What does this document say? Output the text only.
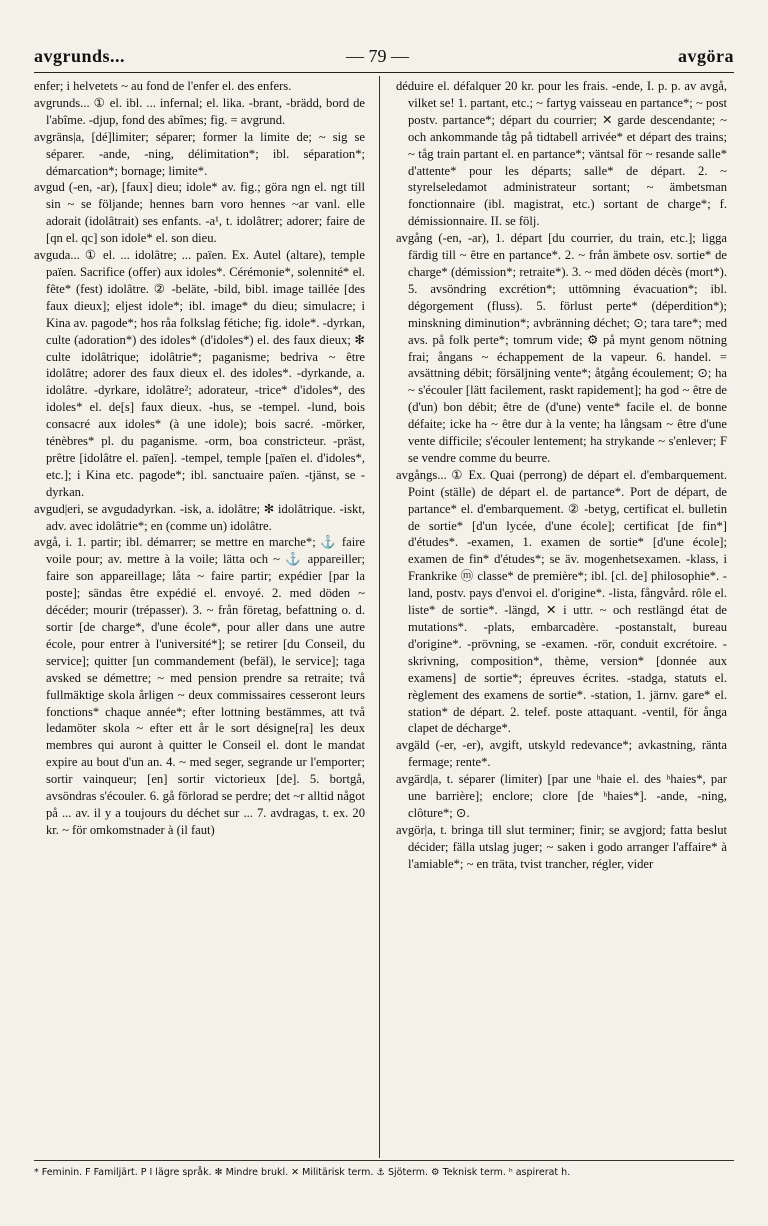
avgrunds...	— 79 —	avgöra

enfer; i helvetets ~ au fond de l'enfer el. des enfers.

avgrunds... ① el. ibl. ... infernal; el. lika. -brant, -brädd, bord de l'abîme. -djup, fond des abîmes; fig. = avgrund.

avgräns|a, [dé]limiter; séparer; former la limite de; ~ sig se séparer. -ande, -ning, délimitation*; ibl. séparation*; démarcation*; bornage; limite*.

avgud (-en, -ar), [faux] dieu; idole* av. fig.; göra ngn el. ngt till sin ~ se följande; hennes barn voro hennes ~ar vanl. elle adorait (idolâtrait) ses enfants. -a¹, t. idolâtrer; adorer; faire de [qn el. qc] son idole* el. son dieu.

avguda... ① el. ... idolâtre; ... païen. Ex. Autel (altare), temple païen. Sacrifice (offer) aux idoles*. Cérémonie*, solennité* el. fête* (fest) idolâtre. ② -beläte, -bild, bibl. image taillée [des faux dieux]; eljest idole*; ibl. image* du dieu; simulacre; i Kina av. pagode*; hos råa folkslag fétiche; fig. idole*. -dyrkan, culte (adoration*) des idoles* (d'idoles*) el. des faux dieux; ✻ culte idolâtrique; idolâtrie*; paganisme; bedriva ~ être idolâtre; adorer des faux dieux el. des idoles*. -dyrkande, a. idolâtre. -dyrkare, idolâtre²; adorateur, -trice* d'idoles*, des idoles* el. de[s] faux dieux. -hus, se -tempel. -lund, bois consacré aux idoles* (à une idole); bois sacré. -mörker, ténèbres* pl. du paganisme. -orm, boa constricteur. -präst, prêtre [idolâtre el. païen]. -tempel, temple [païen el. d'idoles*, etc.]; i Kina etc. pagode*; ibl. sanctuaire païen. -tjänst, se -dyrkan.

avgud|eri, se avgudadyrkan. -isk, a. idolâtre; ✻ idolâtrique. -iskt, adv. avec idolâtrie*; en (comme un) idolâtre.

avgå, i. 1. partir; ibl. démarrer; se mettre en marche*; ⚓ faire voile pour; av. mettre à la voile; lätta och ~ ⚓ appareiller; faire son appareillage; låta ~ faire partir; expédier [par la poste]; sändas être expédié el. envoyé. 2. med döden ~ décéder; mourir (trépasser). 3. ~ från företag, befattning o. d. sortir [de charge*, d'une école*, pour aller dans une autre école, pour entrer à l'université*]; se retirer [du Conseil, du service]; quitter [un commandement (befäl), le service]; taga avsked se démettre; ~ med pension prendre sa retraite; två fullmäktige skola årligen ~ deux commissaires cesseront leurs fonctions* chaque année*; efter lottning bestämmes, att två ledamöter skola ~ efter ett år le sort désigne[ra] les deux membres qui auront à quitter le Conseil el. dont le mandat expire au bout d'un an. 4. ~ med seger, segrande ur l'emporter; sortir vainqueur; [en] sortir victorieux [de]. 5. bortgå, avsöndras s'écouler. 6. gå förlorad se perdre; det ~r alltid något på ... av. il y a toujours du déchet sur ... 7. avdragas, t. ex. 20 kr. ~ för omkomstnader à (il faut)

déduire el. défalquer 20 kr. pour les frais. -ende, I. p. p. av avgå, vilket se! 1. partant, etc.; ~ fartyg vaisseau en partance*; ~ post postv. partance*; départ du courrier; ✕ garde descendante; ~ och ankommande tåg på tidtabell arrivée* et départ des trains; ~ tåg train partant el. en partance*; väntsal för ~ resande salle* d'attente* pour les départs; salle* de départ. 2. ~ styrelseledamot administrateur sortant; ~ ämbetsman fonctionnaire (ibl. magistrat, etc.) sortant de charge*; f. démissionnaire. II. se följ.

avgång (-en, -ar), 1. départ [du courrier, du train, etc.]; ligga färdig till ~ être en partance*. 2. ~ från ämbete osv. sortie* de charge* (démission*; retraite*). 3. ~ med döden décès (mort*). 5. avsöndring excrétion*; uttömning évacuation*; ibl. dégorgement (fluss). 5. förlust perte* (déperdition*); minskning diminution*; avbränning déchet; ⊙; tara tare*; med avs. på folk perte*; tomrum vide; ⚙ på mynt genom nötning frai; ångans ~ échappement de la vapeur. 6. handel. = avsättning débit; försäljning vente*; åtgång écoulement; ⊙; ha ~ s'écouler [lätt facilement, raskt rapidement]; ha god ~ être de (d'un) bon débit; être de (d'une) vente* facile el. de bonne défaite; icke ha ~ être dur à la vente; ha långsam ~ être d'une vente difficile; s'écouler lentement; ha strykande ~ s'enlever; F se vendre comme du beurre.

avgångs... ① Ex. Quai (perrong) de départ el. d'embarquement. Point (ställe) de départ el. de partance*. Port de départ, de partance* el. d'embarquement. ② -betyg, certificat el. bulletin de sortie* [d'un lycée, d'une école]; certificat [de fin*] d'études*. -examen, 1. examen de sortie* [d'une école]; examen de fin* d'études*; se äv. mogenhetsexamen. -klass, i Frankrike ⓜ classe* de première*; ibl. [cl. de] philosophie*. -land, postv. pays d'envoi el. d'origine*. -lista, fångvård. rôle el. liste* de sortie*. -längd, ✕ i uttr. ~ och restlängd état de mutations*. -plats, embarcadère. -postanstalt, bureau d'origine*. -prövning, se -examen. -rör, conduit excrétoire. -skrivning, composition*, thème, version* [donnée aux examens] de sortie*; épreuves écrites. -stadga, statuts el. règlement des examens de sortie*. -station, 1. järnv. gare* el. station* de départ. 2. telef. poste attaquant. -ventil, för ånga clapet de décharge*.

avgäld (-er, -er), avgift, utskyld redevance*; avkastning, ränta fermage; rente*.

avgärd|a, t. séparer (limiter) [par une ʰhaie el. des ʰhaies*, par une barrière]; enclore; clore [de ʰhaies*]. -ande, -ning, clôture*; ⊙.

avgör|a, t. bringa till slut terminer; finir; se avgjord; fatta beslut décider; fälla utslag juger; ~ saken i godo arranger l'affaire* à l'amiable*; ~ en träta, tvist trancher, régler, vider

* Feminin. F Familjärt. P I lägre språk. ✻ Mindre brukl. ✕ Militärisk term. ⚓ Sjöterm. ⚙ Teknisk term. ʰ aspirerat h.
